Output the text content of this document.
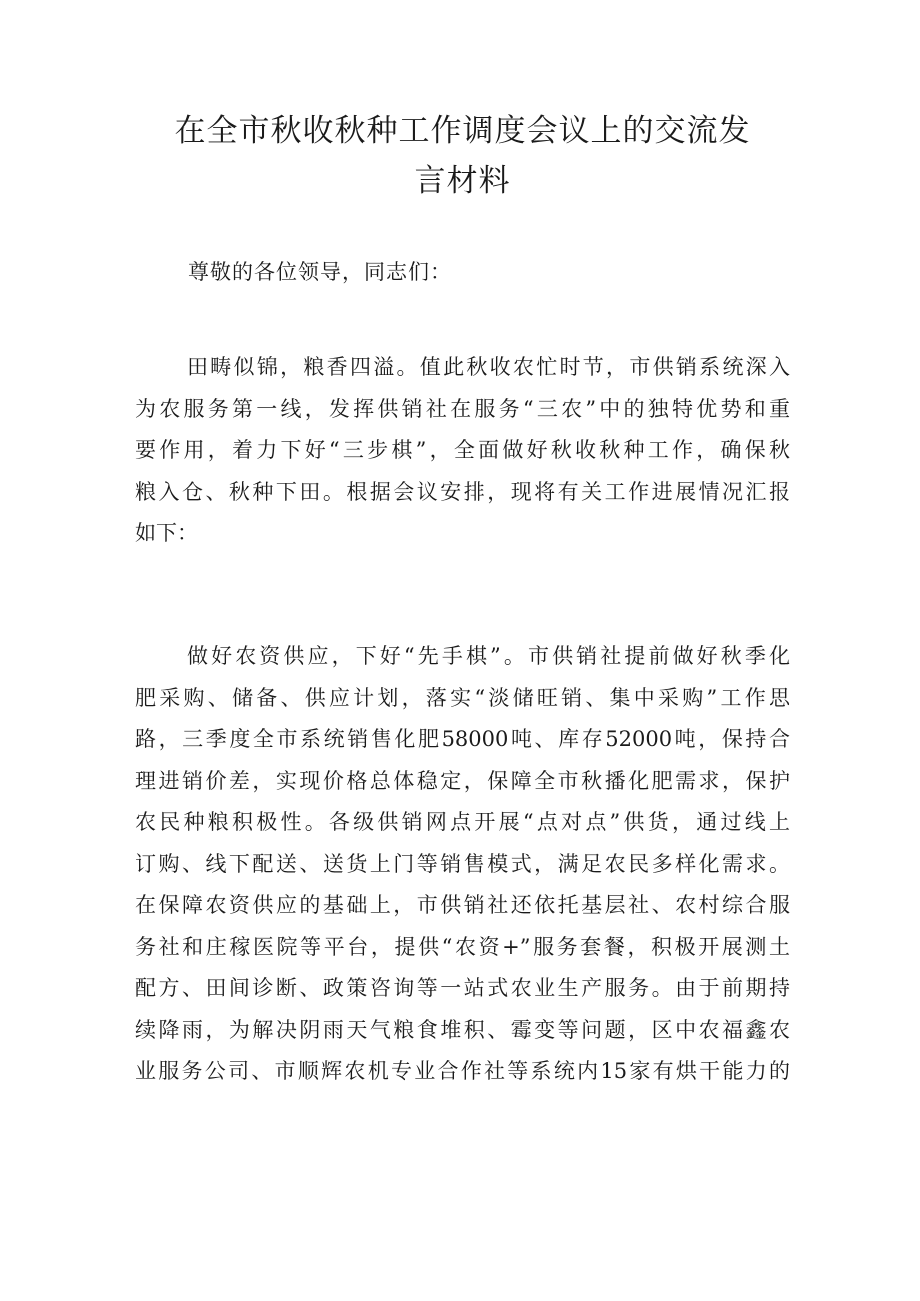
在全市秋收秋种工作调度会议上的交流发
言材料

尊敬的各位领导，同志们：

田畴似锦，粮香四溢。值此秋收农忙时节，市供销系统深入
为农服务第一线，发挥供销社在服务“三农”中的独特优势和重
要作用，着力下好“三步棋”，全面做好秋收秋种工作，确保秋
粮入仓、秋种下田。根据会议安排，现将有关工作进展情况汇报
如下：
做好农资供应，下好“先手棋”。市供销社提前做好秋季化
肥采购、储备、供应计划，落实“淡储旺销、集中采购”工作思
路，三季度全市系统销售化肥58000吨、库存52000吨，保持合
理进销价差，实现价格总体稳定，保障全市秋播化肥需求，保护
农民种粮积极性。各级供销网点开展“点对点”供货，通过线上
订购、线下配送、送货上门等销售模式，满足农民多样化需求。
在保障农资供应的基础上，市供销社还依托基层社、农村综合服
务社和庄稼医院等平台，提供“农资+”服务套餐，积极开展测土
配方、田间诊断、政策咨询等一站式农业生产服务。由于前期持
续降雨，为解决阴雨天气粮食堆积、霉变等问题，区中农福鑫农
业服务公司、市顺辉农机专业合作社等系统内15家有烘干能力的
